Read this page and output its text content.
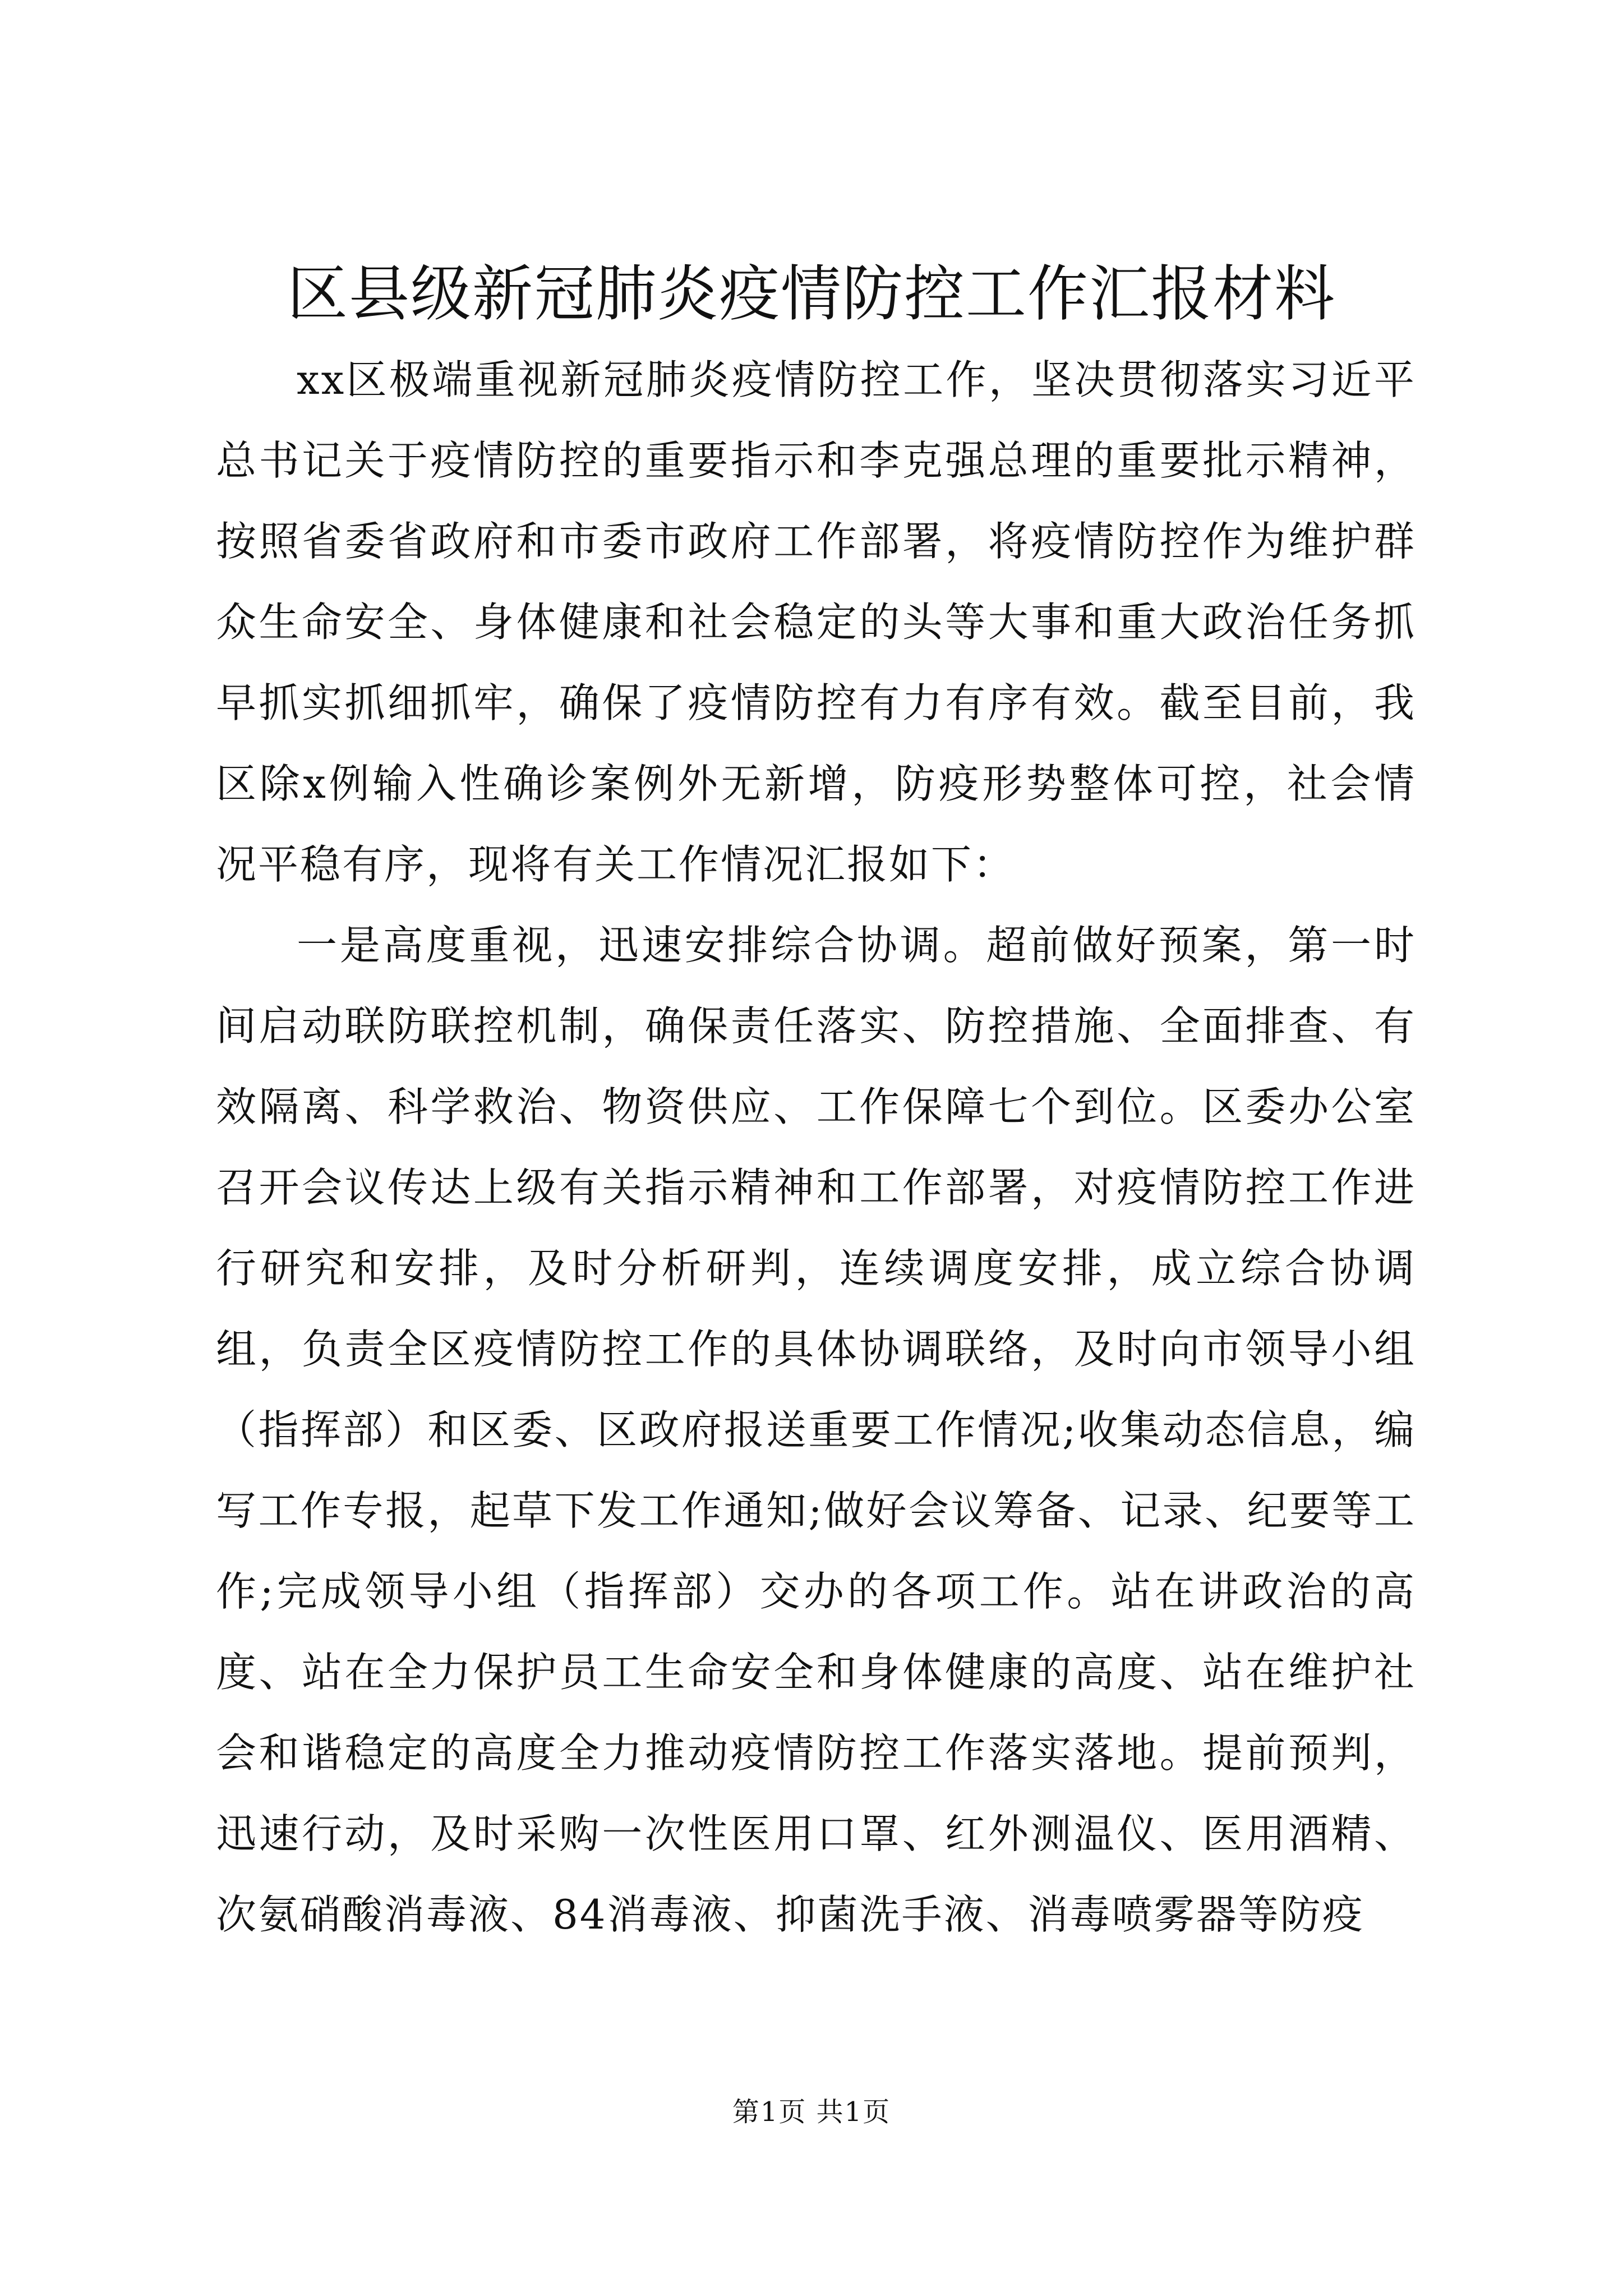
区县级新冠肺炎疫情防控工作汇报材料

xx区极端重视新冠肺炎疫情防控工作，坚决贯彻落实习近平总书记关于疫情防控的重要指示和李克强总理的重要批示精神，按照省委省政府和市委市政府工作部署，将疫情防控作为维护群众生命安全、身体健康和社会稳定的头等大事和重大政治任务抓早抓实抓细抓牢，确保了疫情防控有力有序有效。截至目前，我区除x例输入性确诊案例外无新增，防疫形势整体可控，社会情况平稳有序，现将有关工作情况汇报如下：

一是高度重视，迅速安排综合协调。超前做好预案，第一时间启动联防联控机制，确保责任落实、防控措施、全面排查、有效隔离、科学救治、物资供应、工作保障七个到位。区委办公室召开会议传达上级有关指示精神和工作部署，对疫情防控工作进行研究和安排，及时分析研判，连续调度安排，成立综合协调组，负责全区疫情防控工作的具体协调联络，及时向市领导小组（指挥部）和区委、区政府报送重要工作情况;收集动态信息，编写工作专报，起草下发工作通知;做好会议筹备、记录、纪要等工作;完成领导小组（指挥部）交办的各项工作。站在讲政治的高度、站在全力保护员工生命安全和身体健康的高度、站在维护社会和谐稳定的高度全力推动疫情防控工作落实落地。提前预判，迅速行动，及时采购一次性医用口罩、红外测温仪、医用酒精、次氨硝酸消毒液、84消毒液、抑菌洗手液、消毒喷雾器等防疫

第1页 共1页
